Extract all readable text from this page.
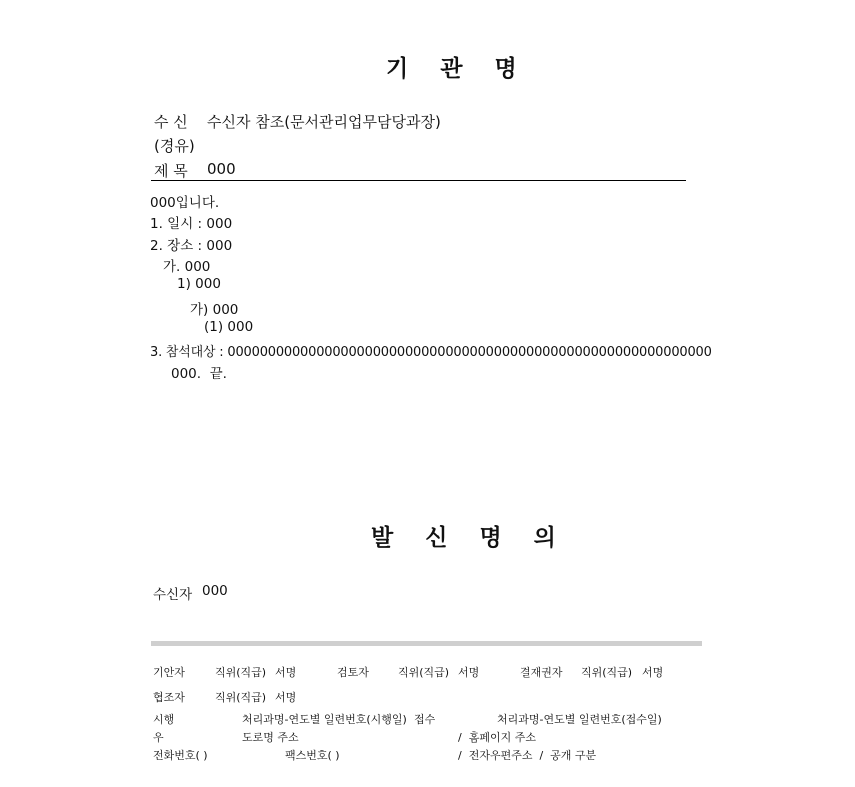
기 관 명
수 신 수신자 참조(문서관리업무담당과장)
(경유)
제 목 000
000입니다.
1. 일시 : 000
2. 장소 : 000
가. 000
1) 000
가) 000
(1) 000
3. 참석대상 : 000000000000000000000000000000000000000000000000000000000000
000.  끝.
발 신 명 의
수신자 000
기안자	직위(직급) 서명	검토자	직위(직급) 서명	결재권자 직위(직급) 서명
협조자	직위(직급) 서명
시행	처리과명-연도별 일련번호(시행일) 접수	처리과명-연도별 일련번호(접수일)
우	도로명 주소	/  홈페이지 주소
전화번호( )	팩스번호( )	/  전자우편주소  /  공개 구분
